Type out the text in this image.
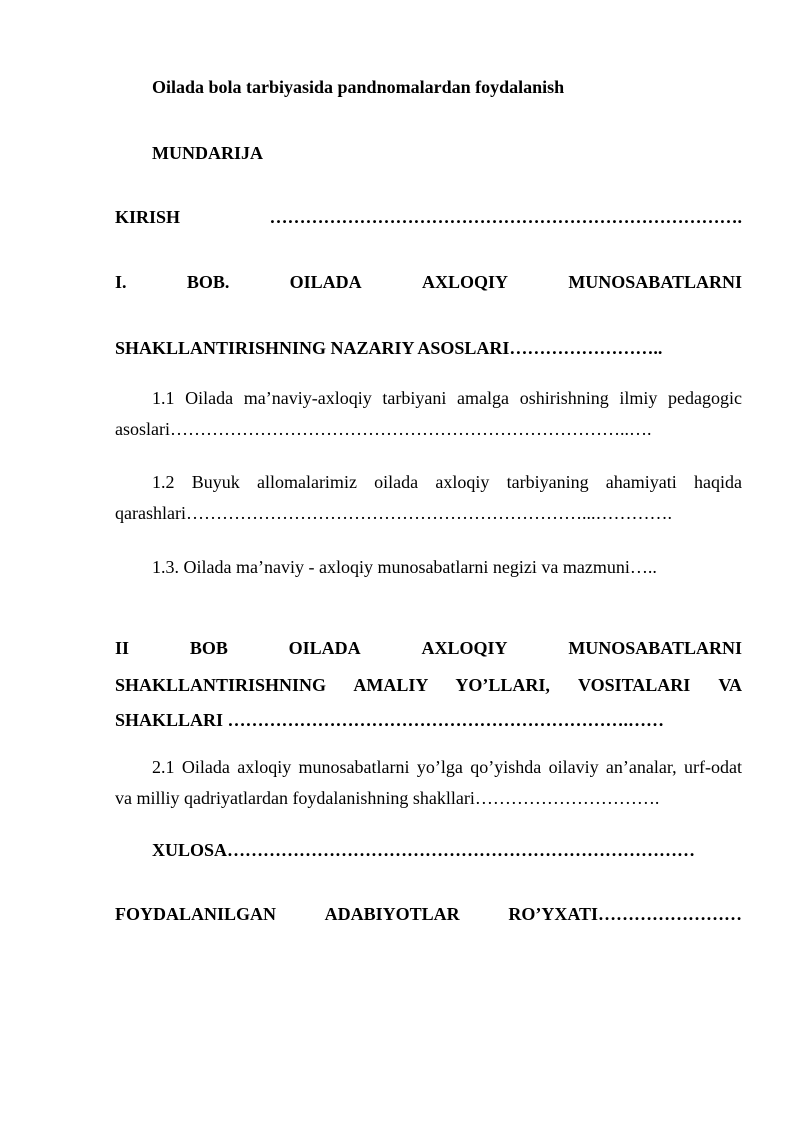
Oilada bola tarbiyasida pandnomalardan foydalanish
MUNDARIJA
KIRISH	…………………………………………………………………….
I.	BOB.	OILADA	AXLOQIY	MUNOSABATLARNI
SHAKLLANTIRISHNING NAZARIY ASOSLARI……………………..
1.1 Oilada ma’naviy-axloqiy tarbiyani amalga oshirishning ilmiy pedagogic
asoslari…………………………………………………………………..….
1.2 Buyuk allomalarimiz oilada axloqiy tarbiyaning ahamiyati haqida
qarashlari…………………………………………………………...………….
1.3. Oilada ma’naviy - axloqiy munosabatlarni negizi va mazmuni…..
II	BOB	OILADA	AXLOQIY	MUNOSABATLARNI
SHAKLLANTIRISHNING AMALIY YO’LLARI, VOSITALARI VA
SHAKLLARI ………………………………………………………….……
2.1 Oilada axloqiy munosabatlarni yo’lga qo’yishda oilaviy an’analar, urf-odat
va milliy qadriyatlardan foydalanishning shakllari………………………….
XULOSA……………………………………………………………………
FOYDALANILGAN	ADABIYOTLAR	RO’YXATI……………………
